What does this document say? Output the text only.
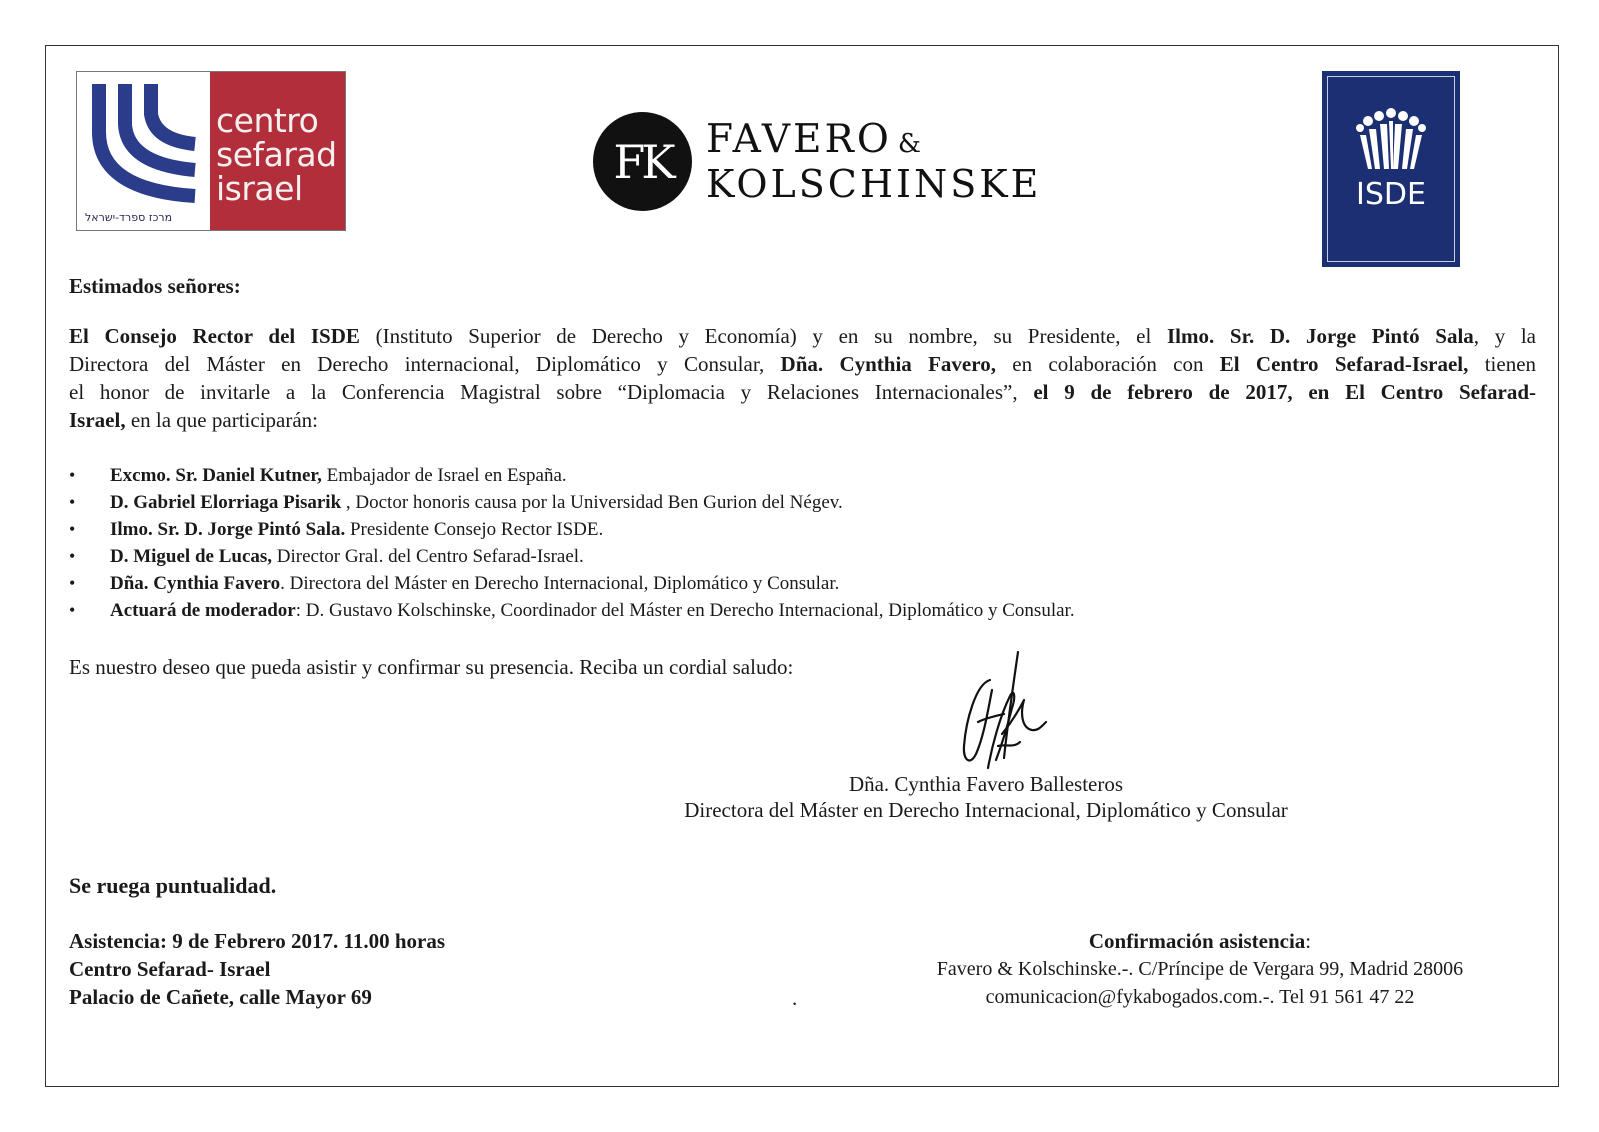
מרכז ספרד-ישראל
centro
sefarad
israel	FK FAVERO &
KOLSCHINSKE	ISDE
Estimados señores:
El Consejo Rector del ISDE (Instituto Superior de Derecho y Economía) y en su nombre, su Presidente, el Ilmo. Sr. D. Jorge Pintó Sala, y la
Directora del Máster en Derecho internacional, Diplomático y Consular, Dña. Cynthia Favero, en colaboración con El Centro Sefarad-Israel, tienen
el honor de invitarle a la Conferencia Magistral sobre “Diplomacia y Relaciones Internacionales”, el 9 de febrero de 2017, en El Centro Sefarad-
Israel, en la que participarán:
• Excmo. Sr. Daniel Kutner, Embajador de Israel en España.
• D. Gabriel Elorriaga Pisarik , Doctor honoris causa por la Universidad Ben Gurion del Négev.
• Ilmo. Sr. D. Jorge Pintó Sala. Presidente Consejo Rector ISDE.
• D. Miguel de Lucas, Director Gral. del Centro Sefarad-Israel.
• Dña. Cynthia Favero. Directora del Máster en Derecho Internacional, Diplomático y Consular.
• Actuará de moderador: D. Gustavo Kolschinske, Coordinador del Máster en Derecho Internacional, Diplomático y Consular.
Es nuestro deseo que pueda asistir y confirmar su presencia. Reciba un cordial saludo:
Dña. Cynthia Favero Ballesteros
Directora del Máster en Derecho Internacional, Diplomático y Consular
Se ruega puntualidad.
Asistencia: 9 de Febrero 2017. 11.00 horas
Centro Sefarad- Israel
Palacio de Cañete, calle Mayor 69	.
Confirmación asistencia:
Favero & Kolschinske.-. C/Príncipe de Vergara 99, Madrid 28006
comunicacion@fykabogados.com.-. Tel 91 561 47 22
